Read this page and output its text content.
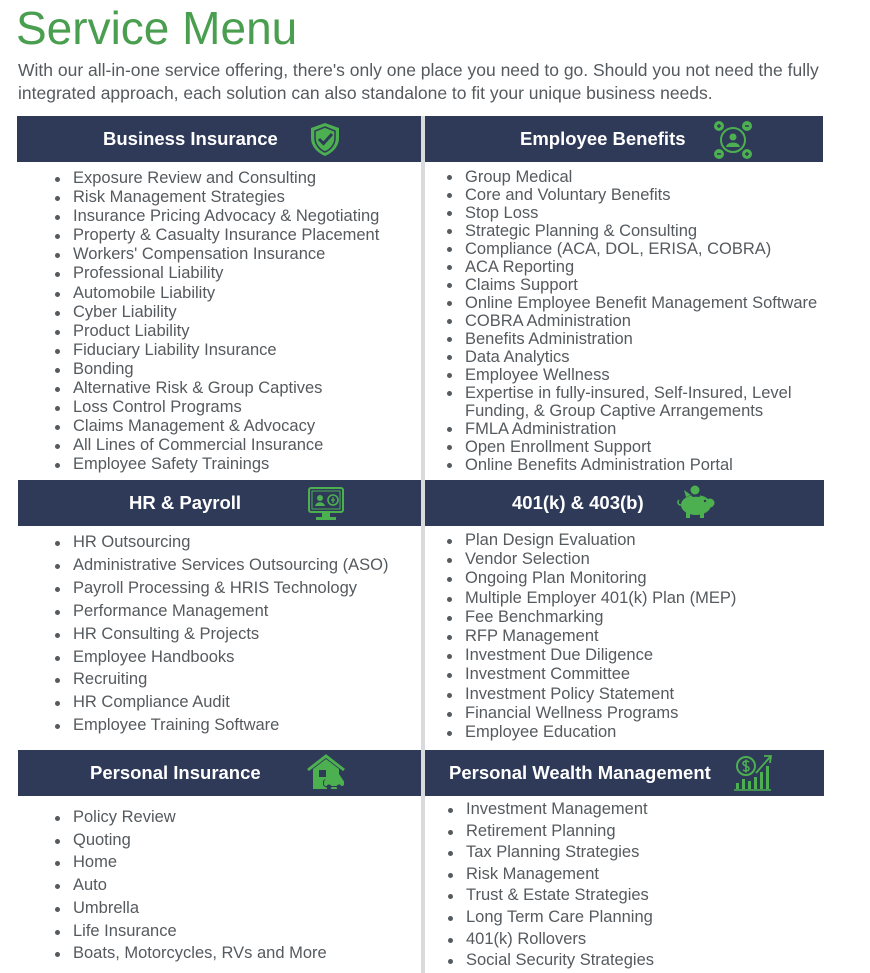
Service Menu
With our all-in-one service offering, there's only one place you need to go. Should you not need the fully integrated approach, each solution can also standalone to fit your unique business needs.
Business Insurance
Exposure Review and Consulting
Risk Management Strategies
Insurance Pricing Advocacy & Negotiating
Property & Casualty Insurance Placement
Workers' Compensation Insurance
Professional Liability
Automobile Liability
Cyber Liability
Product Liability
Fiduciary Liability Insurance
Bonding
Alternative Risk & Group Captives
Loss Control Programs
Claims Management & Advocacy
All Lines of Commercial Insurance
Employee Safety Trainings
Employee Benefits
Group Medical
Core and Voluntary Benefits
Stop Loss
Strategic Planning & Consulting
Compliance (ACA, DOL, ERISA, COBRA)
ACA Reporting
Claims Support
Online Employee Benefit Management Software
COBRA Administration
Benefits Administration
Data Analytics
Employee Wellness
Expertise in fully-insured, Self-Insured, Level Funding, & Group Captive Arrangements
FMLA Administration
Open Enrollment Support
Online Benefits Administration Portal
HR & Payroll
HR Outsourcing
Administrative Services Outsourcing (ASO)
Payroll Processing & HRIS Technology
Performance Management
HR Consulting & Projects
Employee Handbooks
Recruiting
HR Compliance Audit
Employee Training Software
401(k) & 403(b)
Plan Design Evaluation
Vendor Selection
Ongoing Plan Monitoring
Multiple Employer 401(k) Plan (MEP)
Fee Benchmarking
RFP Management
Investment Due Diligence
Investment Committee
Investment Policy Statement
Financial Wellness Programs
Employee Education
Personal Insurance
Policy Review
Quoting
Home
Auto
Umbrella
Life Insurance
Boats, Motorcycles, RVs and More
Personal Wealth Management
Investment Management
Retirement Planning
Tax Planning Strategies
Risk Management
Trust & Estate Strategies
Long Term Care Planning
401(k) Rollovers
Social Security Strategies
